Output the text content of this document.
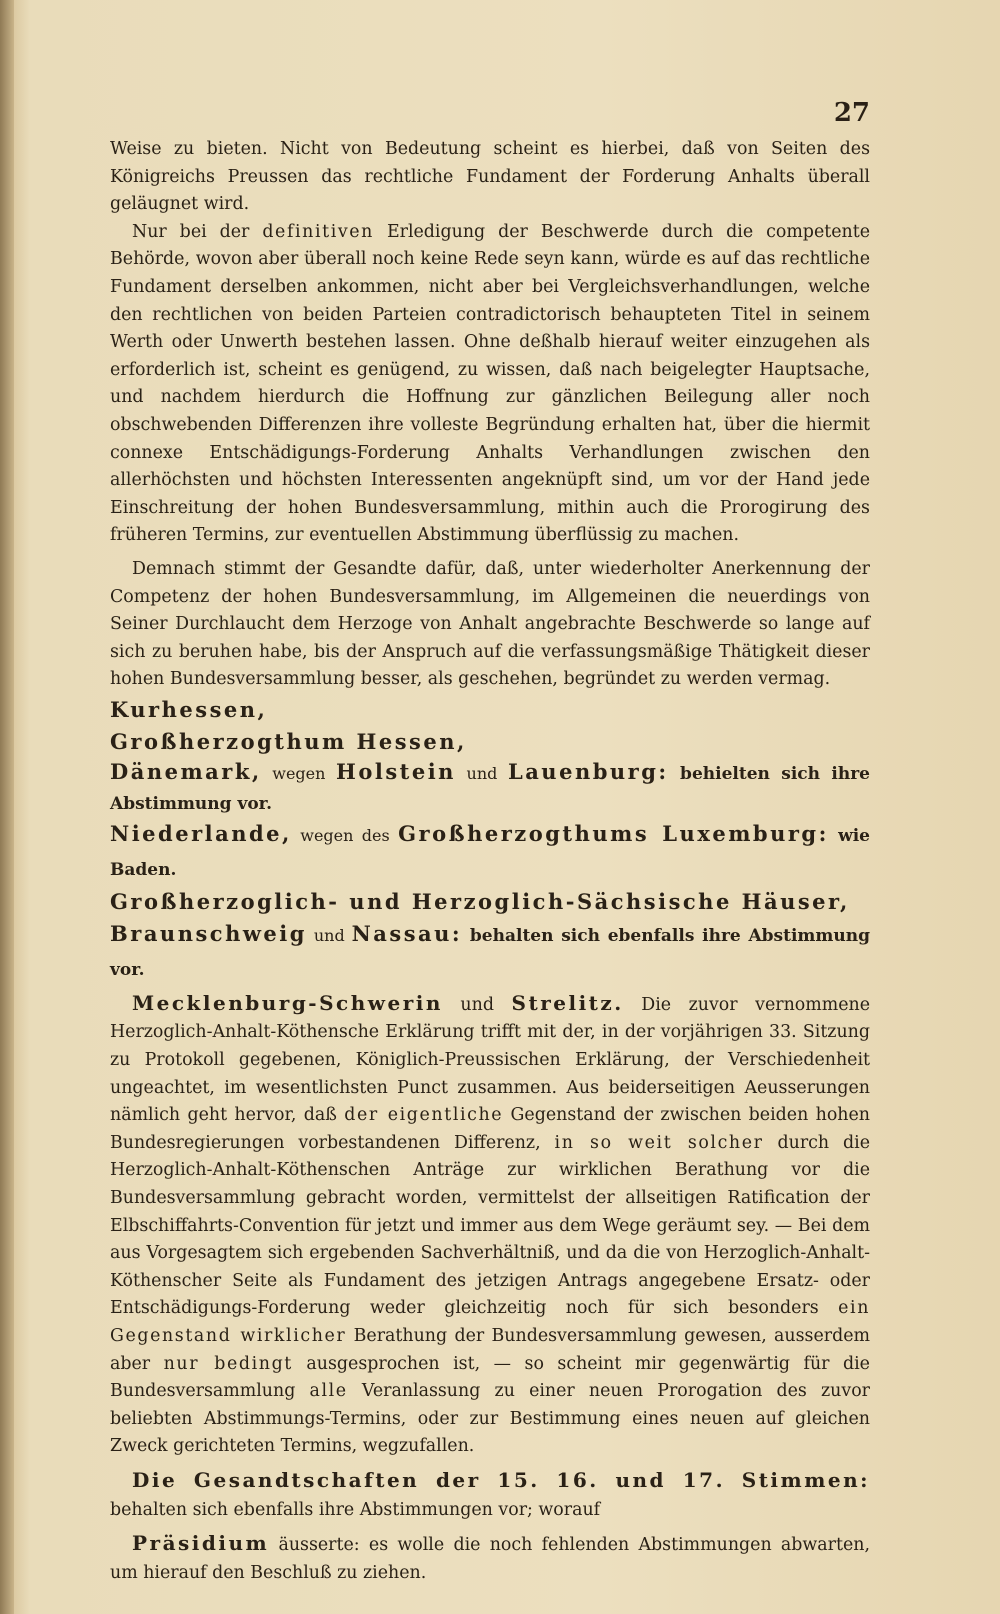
27

Weise zu bieten. Nicht von Bedeutung scheint es hierbei, daß von Seiten des Königreichs Preussen das rechtliche Fundament der Forderung Anhalts überall geläugnet wird.

Nur bei der definitiven Erledigung der Beschwerde durch die competente Behörde, wovon aber überall noch keine Rede seyn kann, würde es auf das rechtliche Fundament derselben ankommen, nicht aber bei Vergleichsverhandlungen, welche den rechtlichen von beiden Parteien contradictorisch behaupteten Titel in seinem Werth oder Unwerth bestehen lassen. Ohne deßhalb hierauf weiter einzugehen als erforderlich ist, scheint es genügend, zu wissen, daß nach beigelegter Hauptsache, und nachdem hierdurch die Hoffnung zur gänzlichen Beilegung aller noch obschwebenden Differenzen ihre volleste Begründung erhalten hat, über die hiermit connexe Entschädigungs-Forderung Anhalts Verhandlungen zwischen den allerhöchsten und höchsten Interessenten angeknüpft sind, um vor der Hand jede Einschreitung der hohen Bundesversammlung, mithin auch die Prorogirung des früheren Termins, zur eventuellen Abstimmung überflüssig zu machen.

Demnach stimmt der Gesandte dafür, daß, unter wiederholter Anerkennung der Competenz der hohen Bundesversammlung, im Allgemeinen die neuerdings von Seiner Durchlaucht dem Herzoge von Anhalt angebrachte Beschwerde so lange auf sich zu beruhen habe, bis der Anspruch auf die verfassungsmäßige Thätigkeit dieser hohen Bundesversammlung besser, als geschehen, begründet zu werden vermag.

Kurhessen,

Großherzogthum Hessen,

Dänemark, wegen Holstein und Lauenburg: behielten sich ihre Abstimmung vor.

Niederlande, wegen des Großherzogthums Luxemburg: wie Baden.

Großherzoglich- und Herzoglich-Sächsische Häuser,

Braunschweig und Nassau: behalten sich ebenfalls ihre Abstimmung vor.

Mecklenburg-Schwerin und Strelitz. Die zuvor vernommene Herzoglich-Anhalt-Köthensche Erklärung trifft mit der, in der vorjährigen 33. Sitzung zu Protokoll gegebenen, Königlich-Preussischen Erklärung, der Verschiedenheit ungeachtet, im wesentlichsten Punct zusammen. Aus beiderseitigen Aeusserungen nämlich geht hervor, daß der eigentliche Gegenstand der zwischen beiden hohen Bundesregierungen vorbestandenen Differenz, in so weit solcher durch die Herzoglich-Anhalt-Köthenschen Anträge zur wirklichen Berathung vor die Bundesversammlung gebracht worden, vermittelst der allseitigen Ratification der Elbschiffahrts-Convention für jetzt und immer aus dem Wege geräumt sey. — Bei dem aus Vorgesagtem sich ergebenden Sachverhältniß, und da die von Herzoglich-Anhalt-Köthenscher Seite als Fundament des jetzigen Antrags angegebene Ersatz- oder Entschädigungs-Forderung weder gleichzeitig noch für sich besonders ein Gegenstand wirklicher Berathung der Bundesversammlung gewesen, ausserdem aber nur bedingt ausgesprochen ist, — so scheint mir gegenwärtig für die Bundesversammlung alle Veranlassung zu einer neuen Prorogation des zuvor beliebten Abstimmungs-Termins, oder zur Bestimmung eines neuen auf gleichen Zweck gerichteten Termins, wegzufallen.

Die Gesandtschaften der 15. 16. und 17. Stimmen: behalten sich ebenfalls ihre Abstimmungen vor; worauf

Präsidium äusserte: es wolle die noch fehlenden Abstimmungen abwarten, um hierauf den Beschluß zu ziehen.
